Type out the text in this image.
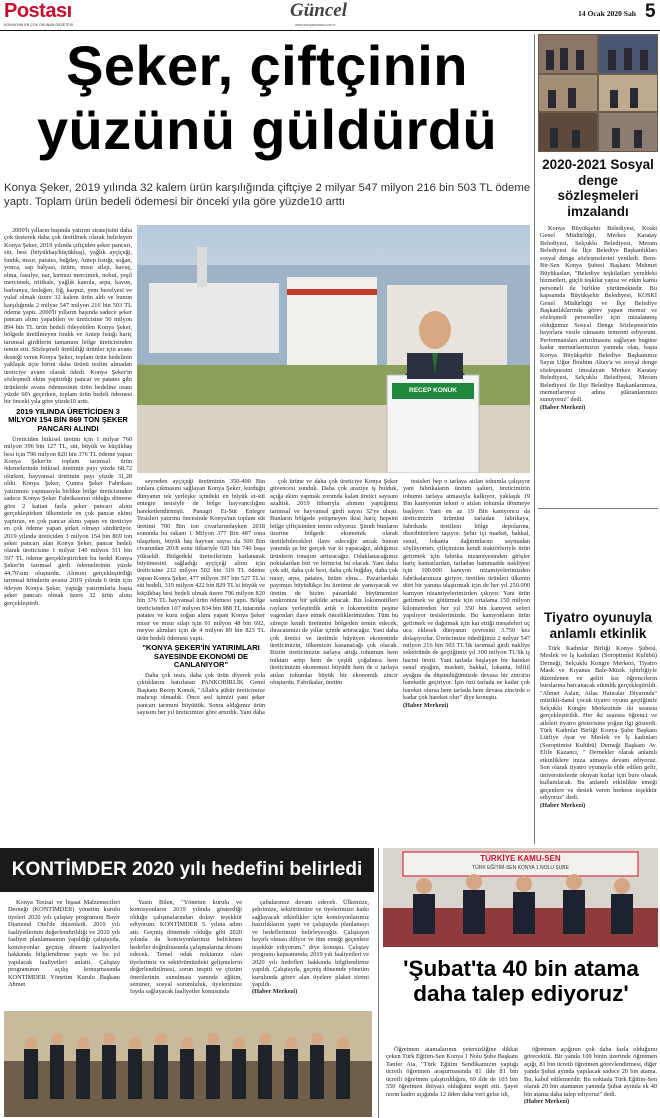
Postası
KONYA'NIN EN ÇOK OKUNAN GAZETESİ
Güncel
www.konyapostasi.com.tr
14 Ocak 2020 Salı 5
Şeker, çiftçinin
yüzünü güldürdü
Konya Şeker, 2019 yılında 32 kalem ürün karşılığında çiftçiye 2 milyar 547 milyon 216 bin 503 TL ödeme yaptı. Toplam ürün bedeli ödemesi bir önceki yıla göre yüzde10 arttı
RECEP KONUK

2000'li yılların başında yatırım stratejisini daha çok üreterek daha çok üretilmek olarak belirleyen Konya Şeker, 2019 yılında çiftçiden şeker pancarı, süt, besi (büyükbaş/küçükbaş), yağlık ayçiçeği, fındık, mısır, patates, buğday, Antep fıstığı, soğan, yonca, sap balyası, üzüm, mısır silajı, havuç, elma, fasulye, nar, kırmızı mercimek, nohut, yeşil mercimek, tritikale, yağlık kanola, arpa, kavun, barbunya, fesleğen, fiğ, karpuz, yem bezelyesi ve yulaf olmak üzere 32 kalem ürün aldı ve bunun karşılığında 2 milyar 547 milyon 216 bin 503 TL ödeme yaptı. 2000'li yılların başında sadece şeker pancarı alımı yapabilen ve üreticisine 50 milyon 894 bin TL ürün bedeli ödeyebilen Konya Şeker, bölgede üretilmeyen fındık ve Antep fıstığı hariç tarımsal girdilerin tamamını bölge üreticisinden temin etti. Sözleşmeli üretildiği ürünler için avans desteği veren Konya Şeker, toplam ürün bedelinin yaklaşık üçte birini daha ürünü teslim almadan üreticiye avans olarak ödedi. Konya Şeker'in sözleşmeli ekim yaptırdığı pancar ve patates gibi ürünlerde avans ödemesinin ürün bedeline oranı yüzde 60'ı geçerken, toplam ürün bedeli ödemesi bir önceki yıla göre yüzde10 arttı.

2019 YILINDA ÜRETİCİDEN 3 MİLYON 154 BİN 869 TON ŞEKER PANCARI ALINDI

Üreticiden bitkisel üretim için 1 milyar 760 milyon 396 bin 127 TL, süt, büyük ve küçükbaş besi için 796 milyon 820 bin 376 TL ödeme yapan Konya Şeker'in toplam tarımsal ürün ödemelerinde bitkisel üretimin payı yüzde 68,72 olurken, hayvansal üretimin payı yüzde 31,28 oldu. Konya Şeker, Çumra Şeker Fabrikası yatırımını yapmasıyla birlikte bölge üreticisinden sadece Konya Şeker Fabrikasının olduğu döneme göre 2 kattan fazla şeker pancarı alımı gerçekleştirken ülkemizde en çok pancar ekimi yaptıran, en çok pancar alımı yapan ve üreticiye en çok ödeme yapan şirket olmayı sürdürüyor. 2019 yılında üreticiden 3 milyon 154 bin 869 ton şeker pancarı alan Konya Şeker, pancar bedeli olarak üreticisine 1 milyar 140 milyon 311 bin 597 TL ödeme gerçekleştirirken bu bedel Konya Şeker'in tarımsal girdi ödemelerinin yüzde 44,76'sını oluşturdu. Alımını gerçekleştirdiği tarımsal ürünlerin avansı 2019 yılında 6 ürün için ödeyen Konya Şeker, yaptığı yatırımlarla başta şeker pancarı olmak üzere 32 ürün alımı gerçekleştirdi.

seyreden ayçiçeği üretiminin 350-400 Bin tonlara çıkmasını sağlayan Konya Şeker, kurduğu dünyanın tek yerleşke içindeki en büyük et-süt entegre tesisiyle de bölge hayvancılığını hareketlendirmişti. Panagri Et-Süt Entegre Tesisleri yatırımı öncesinde Konya'nın toplam süt üretimi 700 Bin ton civarlarındayken 2018 sonunda bu rakam 1 Milyon 377 Bin 487 tona ulaşırken, büyük baş hayvan sayısı da 500 Bin civarından 2018 sonu itibariyle 920 bin 746 başa yükseldi. Bölgedeki üreticilerinin katlanarak büyümesini sağladığı ayçiçeği alımı için üreticisine 212 milyon 502 bin 319 TL ödeme yapan Konya Şeker, 477 milyon 397 bin 527 TL'si süt bedeli, 319 milyon 422 bin 829 TL'si büyük ve küçükbaş besi bedeli olmak üzere 796 milyon 820 bin 376 TL hayvansal ürün ödemesi yaptı. Bölge üreticisinden 107 milyon 834 bin 988 TL tutarında patates ve kuru soğan alımı yapan Konya Şeker mısır ve mısır silajı için 91 milyon 48 bin 692, meyve alımları için de 4 milyon 89 bin 823 TL ürün bedeli ödemesi yaptı.

"KONYA ŞEKER'İN YATIRIMLARI SAYESİNDE EKONOMİ DE CANLANIYOR"

Daha çok tesis, daha çok ürün diyerek yola çıktıklarını hatırlatan PANKOBİRLİK Genel Başkanı Recep Konuk, "Allah'a şükür üreticimize mahcup olmadık. Önce asıl işimizi yani şeker pancarı tarımını büyüttük. Sonra aldığımız ürün sayısını her yıl üreticimize göre artırdık. Yani daha

çok ürüne ve daha çok üreticiye Konya Şeker güvencesi sunduk. Daha çok araziye iş bulduk, açığa ekim yapmak zorunda kalan üretici sayısını azalttık. 2019 itibarıyla alımını yaptığımız tarımsal ve hayvansal girdi sayısı 32'ye ulaştı. Bunların bölgede yetişmeyen ikisi hariç hepsini bölge çiftçisinden temin ediyoruz. Şimdi bunların üzerine bölgede ekonomik olarak üretilebilecekleri ilave edeceğiz ancak bunun yanında şu bir gerçek var ki yapacağız, aldığımız ürünlerin tonajını arttıracağız. Odaklanacağımız noktalardan biri ve birincisi bu olacak. Yani daha çok süt, daha çok besi, daha çok buğday, daha çok mısır, arpa, patates, üzüm elma... Pazarlardaki payımızı büyüdükçe bu üretime de yansıyacak ve üretim de bizim pazardaki büyümemize senkronize bir şekilde artacak. Biz lokomotifleri raylara yerleştirdik artık o lokomotifin peşine vagonları ilave etmek önceliklerimizden. Tüm bu süreçte kendi üretimini bölgeden temin edecek, ihracatımızı de yıllar içinde artıracağız. Yani daha çok üretici ve üretimle büyüyen ekonomide üreticimizin, ülkemizin kazanacağı çok olacak. Bizim üreticimizin tarlaya attığı tohumun hem miktarı artıp hem de çeşidi çoğalınca hem üreticimizin ekonomisi büyüdü hem de o tarlaya atılan tohumlar büyük bir ekonomik zincir oluşturdu. Fabrikalar, üretim

tesisleri hep o tarlaya atılan tohumla çalışıyor yani fabrikaların üretim şalteri, üreticimizin tohumu tarlaya atmasıyla kalkıyor, yaklaşık 19 Bin kamyonun tekeri o atılan tohumla dönmeye başlıyor. Yani en az 19 Bin kamyoncu da üreticimizin ürününü tarladan fabrikaya, fabrikada üretileni bölge depolarına, distribütörlere taşıyor. Şehir içi market, bakkal, esnaf, lokanta dağıtımlarını saymadan söylüyorum, çiftçimizin kendi traktörleriyle ürün getirmek için fabrika nizamiyesinden girişler hariç kantarlardan, tarladan hammadde nakliyesi için 100.000 kamyon nizamiyelerimizden fabrikalarımıza giriyor, üretilen ürünleri ülkenin dört bir yanına ulaştırmak için de her yıl 250.000 kamyon nizamiyelerimizden çıkıyor. Yani ürün getirmek ve götürmek için ortalama 150 milyon kilometreden her yıl 350 bin kamyon seferi yapılıyor tesislerimizde. Bu kamyonların ürün getirmek ve dağıtmak için kat ettiği mesafeleri uç uca eklesek dünyanın çevresini 3.750 kez dolaşıyorlar. Üreticimize ödediğimiz 2 milyar 547 milyon 216 bin 503 TL'lik tarımsal girdi nakliye sektöründe de geçtiğimiz yıl 300 milyon TL'lik iş hacmi üretti. Yani tarlada başlayan bir hareket esnaf ayağını, marketi, bakkal, lokanta, bilfiil ayağını da düşündüğümüzde devasa bir zincirin hareketle geçiriyor. İşin özü tarlada ne kadar çok hareket olursa hem tarlada hem devasa zincirde o kadar çok hareket olur" diye konuştu.

(Haber Merkezi)
2020-2021 Sosyal denge sözleşmeleri imzalandı

Konya Büyükşehir Belediyesi, Koski Genel Müdürlüğü, Merkez Karatay Belediyesi, Selçuklu Belediyesi, Meram Belediyesi ile İlçe Belediye Başkanlıkları sosyal denge sözleşmelerini yeniledi. Bem-Bir-Sen Konya Şubesi Başkanı Mehmet Büyükaslan, "Belediye teşkilatları yereldeki hizmetleri, güçlü teşkilat yapısı ve etkin kamu personeli ile birlikte yürütmektedir. Bu kapsamda Büyükşehir Belediyesi, KOSKİ Genel Müdürlüğü ve İlçe Belediye Başkanlıklarında görev yapan memur ve sözleşmeli personeller için imzalanmış olduğumuz Sosyal Denge Sözleşmesi'nin hayırlara vesile olmasını temenni ediyorum. Performansları artırılmasını sağlayan bugüne kadar memurlarımızın yanında olan, başta Konya Büyükşehir Belediye Başkanımız Sayın Uğur İbrahim Altay'a ve sosyal denge sözleşmesini imzalayan Merkez Karatay Belediyesi, Selçuklu Belediyesi, Meram Belediyesi ile İlçe Belediye Başkanlarımıza, memurlarımız adına şükranlarımızı sunuyoruz" dedi.

(Haber Merkezi)
Tiyatro oyunuyla anlamlı etkinlik

Türk Kadınlar Birliği Konya Şubesi, Meslek ve İş kadınları (Soroptimist Kulübü) Derneği, Selçuklu Kongre Merkezi, Tiyatro Mask ve Kıyanus Bale-Müzik işbirliğiyle düzenlenen ve geliri kız öğrencilerin burslarına harcanacak etkinlik gerçekleştirildi. "Ahmet Aslan, Atlas Hatıralar Diyarında" müzikli-dansl çocuk tiyatro oyunu geçtiğimiz Selçuklu Kongre Merkezinde iki seansta gerçekleştirildi. Her iki seansta öğrenci ve aileleri tiyatro gösterisine yoğun ilgi gösterdi. Türk Kadınlar Birliği Konya Şube Başkanı Lütfiye Ayar ve Meslek ve İş kadınları (Soroptimist Kulübü) Derneği Başkanı Av. Elife Kazancı, " Dernekler olarak anlamlı etkinliklere imza atmaya devam ediyoruz. Son olarak tiyatro oyunuyla elde edilen gelir, üniversitelerde okuyan kızlar için burs olarak kullanılacak. Bu anlamlı etkinlikte emeği geçenlere ve destek veren herkese teşekkür ediyoruz" dedi.

(Haber Merkezi)
KONTİMDER 2020 yılı hedefini belirledi

Konya Tesisat ve İnşaat Malzemecileri Derneği (KONTİMDER) yönetim kurulu üyeleri 2020 yılı çalıştay programını Bayir Diamond Otel'de düzenledi. 2019 yılı faaliyetlerinin değerlendirildiği ve 2020 yılı faaliyet planlamasının yapıldığı çalıştayda, komisyonlar geçmiş dönem faaliyetleri hakkında bilgilendirme yaptı ve bu yıl yapılacak faaliyetleri anlattı. Çalıştay programının açılış konuşmasında KONTİMDER Yönetim Kurulu Başkanı Ahmet

Yasin Bilen, "Yönetim kurulu ve komisyonların 2019 yılında gösterdiği olduğu çalışmalarından dolayı teşekkür ediyorum. KONTİMDER 5. yılına adım attı. Geçmiş dönemde olduğu gibi 2020 yılında da komisyonlarımız belirlenen hedefler doğrultusunda çalışmalarına devam edecek. Temel odak noktamız olan üyelerimiz ve sektörümüzdeki gelişmelerin değerlendirilmesi, sorun tespiti ve çözüm önerilerinin sunulması yanında eğitim, seminer, sosyal sorumluluk, üyelerimize fayda sağlayacak faaliyetler konusunda

çabalarımız devam edecek. Ülkemize, şehrimize, sektörümüze ve üyelerimize katkı sağlayacak etkinlikler için komisyonlarımız hazırlıklarını yaptı ve çalıştayda planlamayı ve hedeflerimizi belirleyeceğiz. Çalıştayın hayırlı olması diliyor ve tüm emeği geçenlere teşekkür ediyorum." diye konuştu. Çalıştay programı kapsamında; 2019 yılı faaliyetleri ve 2020 yılı hedefleri hakkında bilgilendirme yapıldı. Çalıştayda, geçmiş dönemde yönetim kurulunda görev alan üyelere plaket töreni yapıldı.

(Haber Merkezi)
TÜRKİYE KAMU-SEN
TÜRK EĞİTİM-SEN KONYA 1 NOLU ŞUBE
'Şubat'ta 40 bin atama daha talep ediyoruz'

Öğretmen atamalarının yetersizliğine dikkat çeken Türk Eğitim-Sen Konya 1 Nolu Şube Başkanı Tanfer Ata, "Türk Eğitim Sendikamızın yaptığı ücretli öğretmen araştırmasında 81 ilde 81 bin ücretli öğretmen çalıştırıldığını, 69 ilde de 103 bin 550 öğretmen ihtiyacı olduğunu tespit etti. Şayet norm kadro açığında 12 ilden daha veri gelse idi,

öğretmen açığının çok daha fazla olduğunu görecektik. Bir yanda 100 binin üzerinde öğretmen açığı, 81 bin ücretli öğretmen görevlendirmesi, diğer yanda Şubat ayında yapılacak sadece 20 bin atama. Bu, kabul edilemezdir. Bu noktada Türk Eğitim-Sen olarak 20 bin atamanın yanında Şubat ayında ek 40 bin atama daha talep ediyoruz" dedi.

(Haber Merkezi)
